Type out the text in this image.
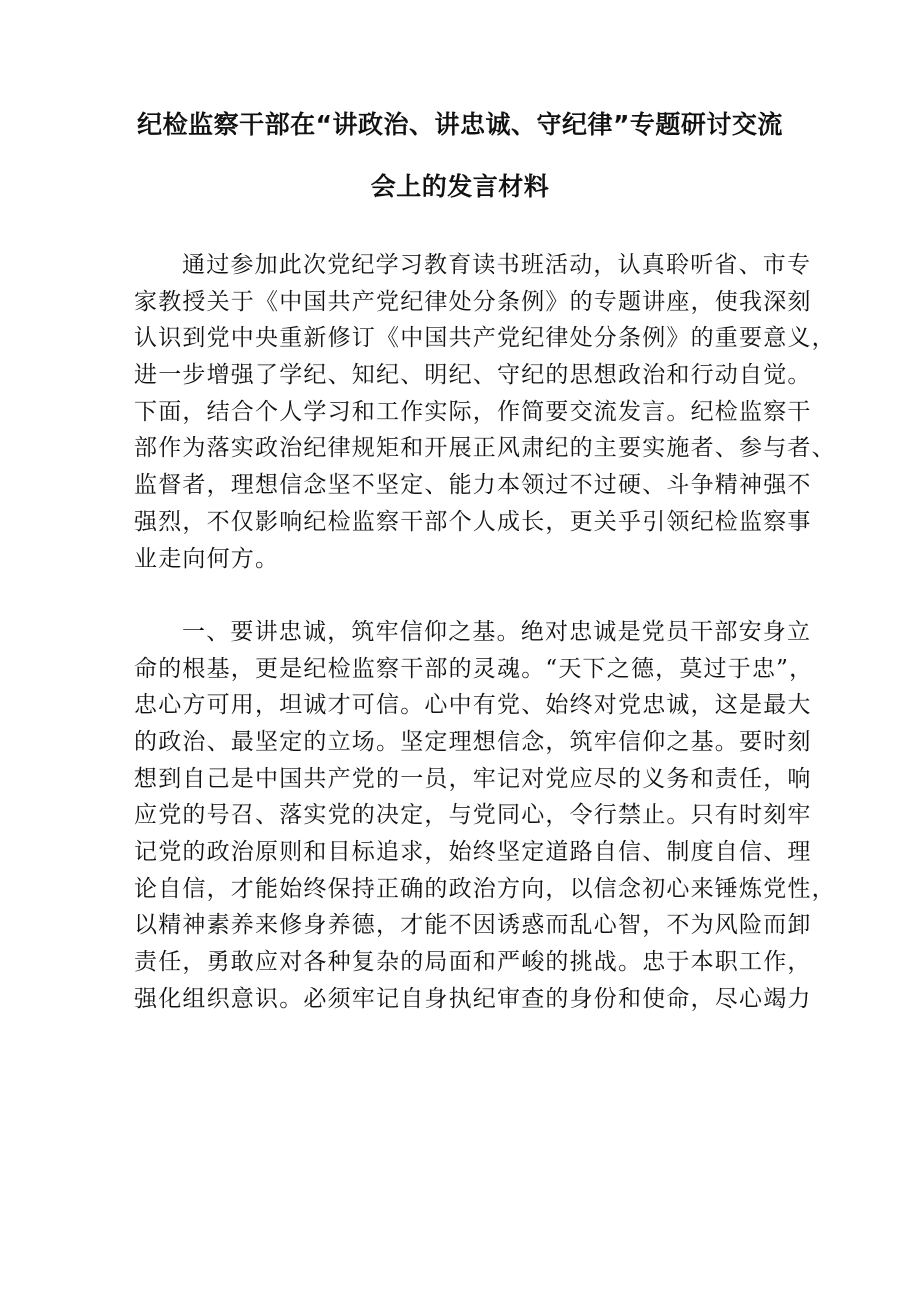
纪检监察干部在“讲政治、讲忠诚、守纪律”专题研讨交流
会上的发言材料
通过参加此次党纪学习教育读书班活动，认真聆听省、市专
家教授关于《中国共产党纪律处分条例》的专题讲座，使我深刻
认识到党中央重新修订《中国共产党纪律处分条例》的重要意义，
进一步增强了学纪、知纪、明纪、守纪的思想政治和行动自觉。
下面，结合个人学习和工作实际，作简要交流发言。纪检监察干
部作为落实政治纪律规矩和开展正风肃纪的主要实施者、参与者、
监督者，理想信念坚不坚定、能力本领过不过硬、斗争精神强不
强烈，不仅影响纪检监察干部个人成长，更关乎引领纪检监察事
业走向何方。
一、要讲忠诚，筑牢信仰之基。绝对忠诚是党员干部安身立
命的根基，更是纪检监察干部的灵魂。“天下之德，莫过于忠”，
忠心方可用，坦诚才可信。心中有党、始终对党忠诚，这是最大
的政治、最坚定的立场。坚定理想信念，筑牢信仰之基。要时刻
想到自己是中国共产党的一员，牢记对党应尽的义务和责任，响
应党的号召、落实党的决定，与党同心，令行禁止。只有时刻牢
记党的政治原则和目标追求，始终坚定道路自信、制度自信、理
论自信，才能始终保持正确的政治方向，以信念初心来锤炼党性，
以精神素养来修身养德，才能不因诱惑而乱心智，不为风险而卸
责任，勇敢应对各种复杂的局面和严峻的挑战。忠于本职工作，
强化组织意识。必须牢记自身执纪审查的身份和使命，尽心竭力
